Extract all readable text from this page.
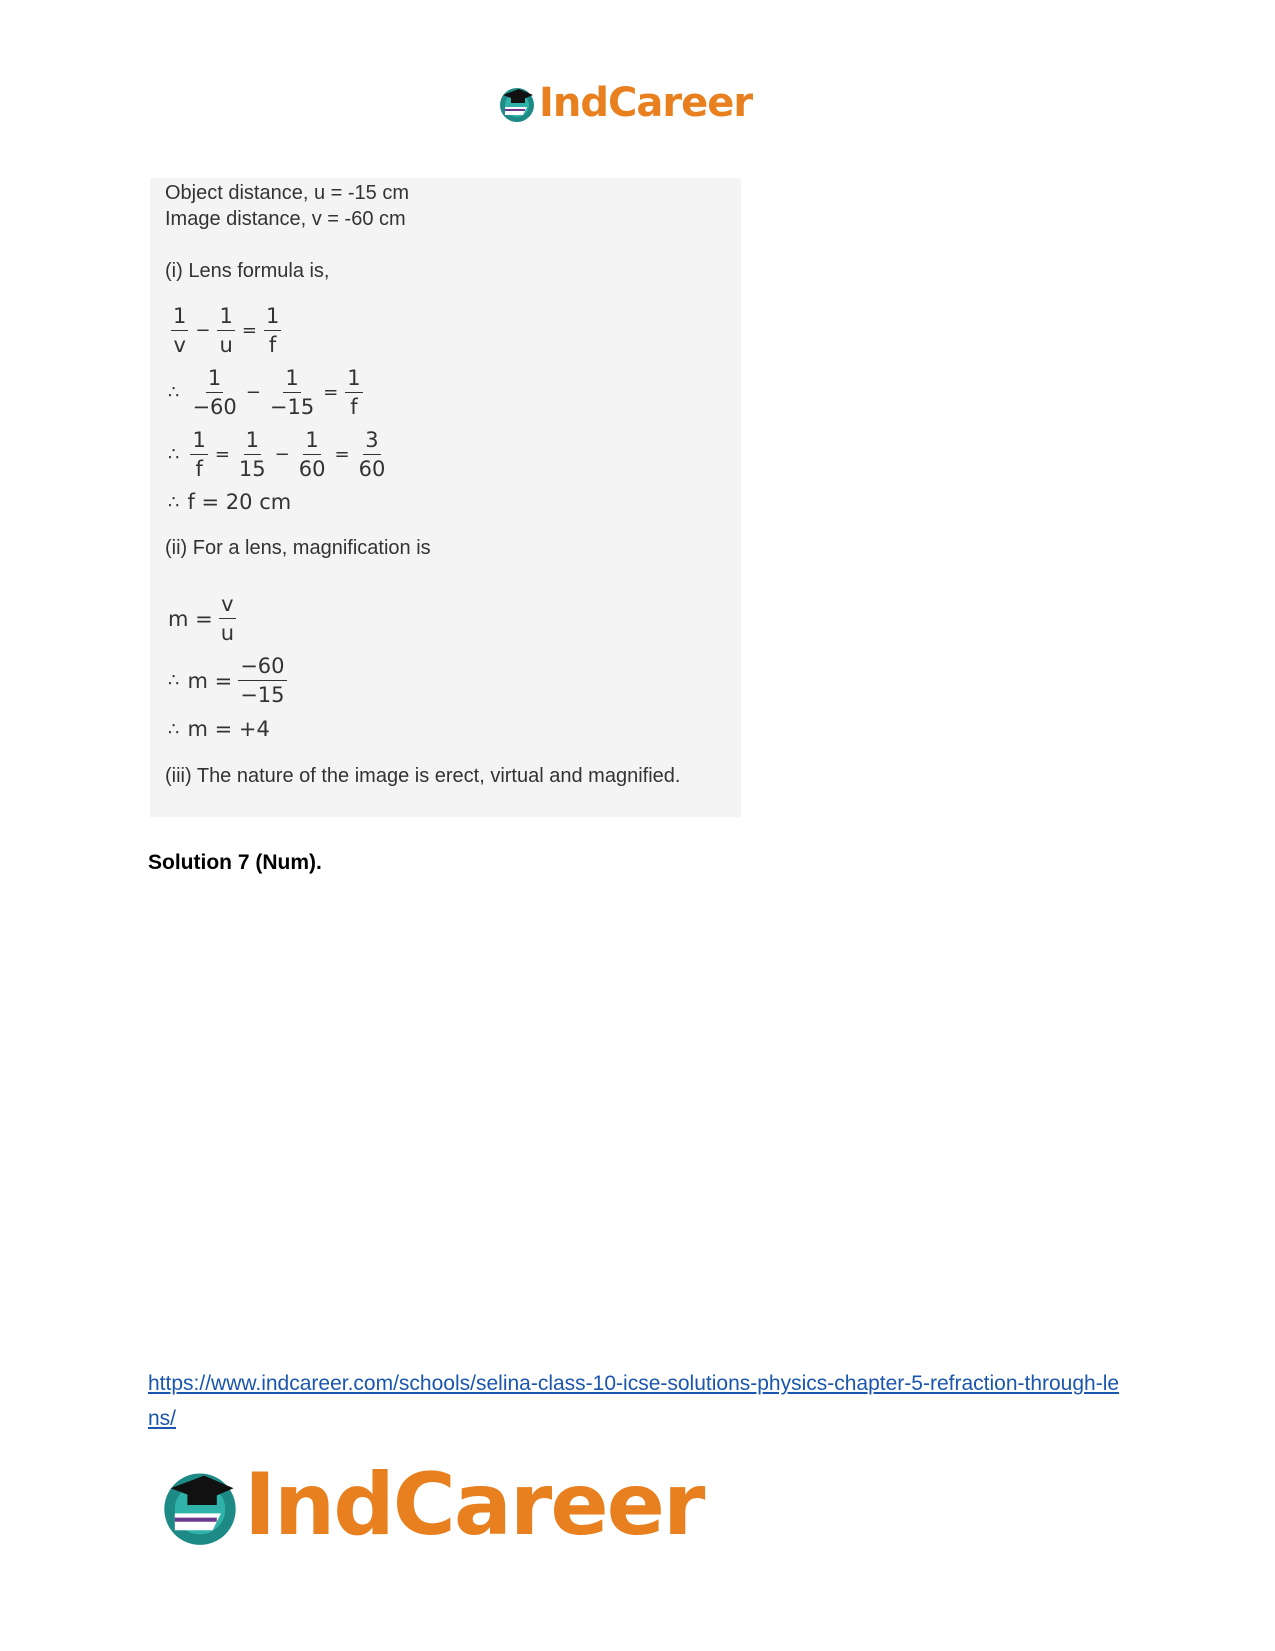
IndCareer
Object distance, u = -15 cm
Image distance, v = -60 cm
(i) Lens formula is,
$\frac{1}{v} - \frac{1}{u} = \frac{1}{f}$
∴ $\frac{1}{-60} - \frac{1}{-15} = \frac{1}{f}$
∴ $\frac{1}{f} = \frac{1}{15} - \frac{1}{60} = \frac{3}{60}$
∴ f = 20 cm
(ii) For a lens, magnification is
$m = \frac{v}{u}$
∴ $m = \frac{-60}{-15}$
∴ m = +4
(iii) The nature of the image is erect, virtual and magnified.
Solution 7 (Num).
https://www.indcareer.com/schools/selina-class-10-icse-solutions-physics-chapter-5-refraction-through-lens/
IndCareer
